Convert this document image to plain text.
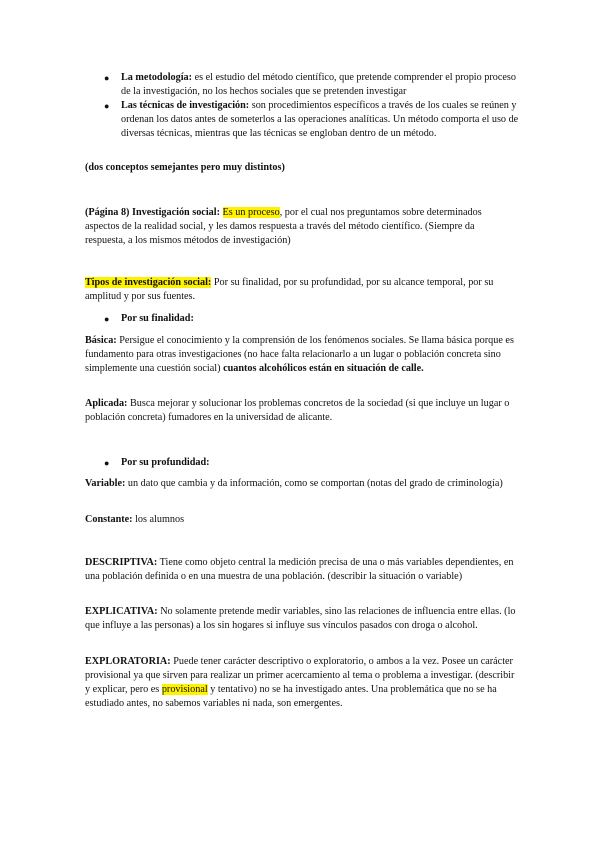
● La metodología: es el estudio del método científico, que pretende comprender el propio proceso de la investigación, no los hechos sociales que se pretenden investigar

● Las técnicas de investigación: son procedimientos específicos a través de los cuales se reúnen y ordenan los datos antes de someterlos a las operaciones analíticas. Un método comporta el uso de diversas técnicas, mientras que las técnicas se engloban dentro de un método.

(dos conceptos semejantes pero muy distintos)

(Página 8) Investigación social: Es un proceso, por el cual nos preguntamos sobre determinados aspectos de la realidad social, y les damos respuesta a través del método científico. (Siempre da respuesta, a los mismos métodos de investigación)

Tipos de investigación social: Por su finalidad, por su profundidad, por su alcance temporal, por su amplitud y por sus fuentes.

● Por su finalidad:

Básica: Persigue el conocimiento y la comprensión de los fenómenos sociales. Se llama básica porque es fundamento para otras investigaciones (no hace falta relacionarlo a un lugar o población concreta sino simplemente una cuestión social) cuantos alcohólicos están en situación de calle.

Aplicada: Busca mejorar y solucionar los problemas concretos de la sociedad (si que incluye un lugar o población concreta) fumadores en la universidad de alicante.

● Por su profundidad:

Variable: un dato que cambia y da información, como se comportan (notas del grado de criminología)

Constante: los alumnos

DESCRIPTIVA: Tiene como objeto central la medición precisa de una o más variables dependientes, en una población definida o en una muestra de una población. (describir la situación o variable)

EXPLICATIVA: No solamente pretende medir variables, sino las relaciones de influencia entre ellas. (lo que influye a las personas) a los sin hogares si influye sus vínculos pasados con droga o alcohol.

EXPLORATORIA: Puede tener carácter descriptivo o exploratorio, o ambos a la vez. Posee un carácter provisional ya que sirven para realizar un primer acercamiento al tema o problema a investigar. (describir y explicar, pero es provisional y tentativo) no se ha investigado antes. Una problemática que no se ha estudiado antes, no sabemos variables ni nada, son emergentes.
